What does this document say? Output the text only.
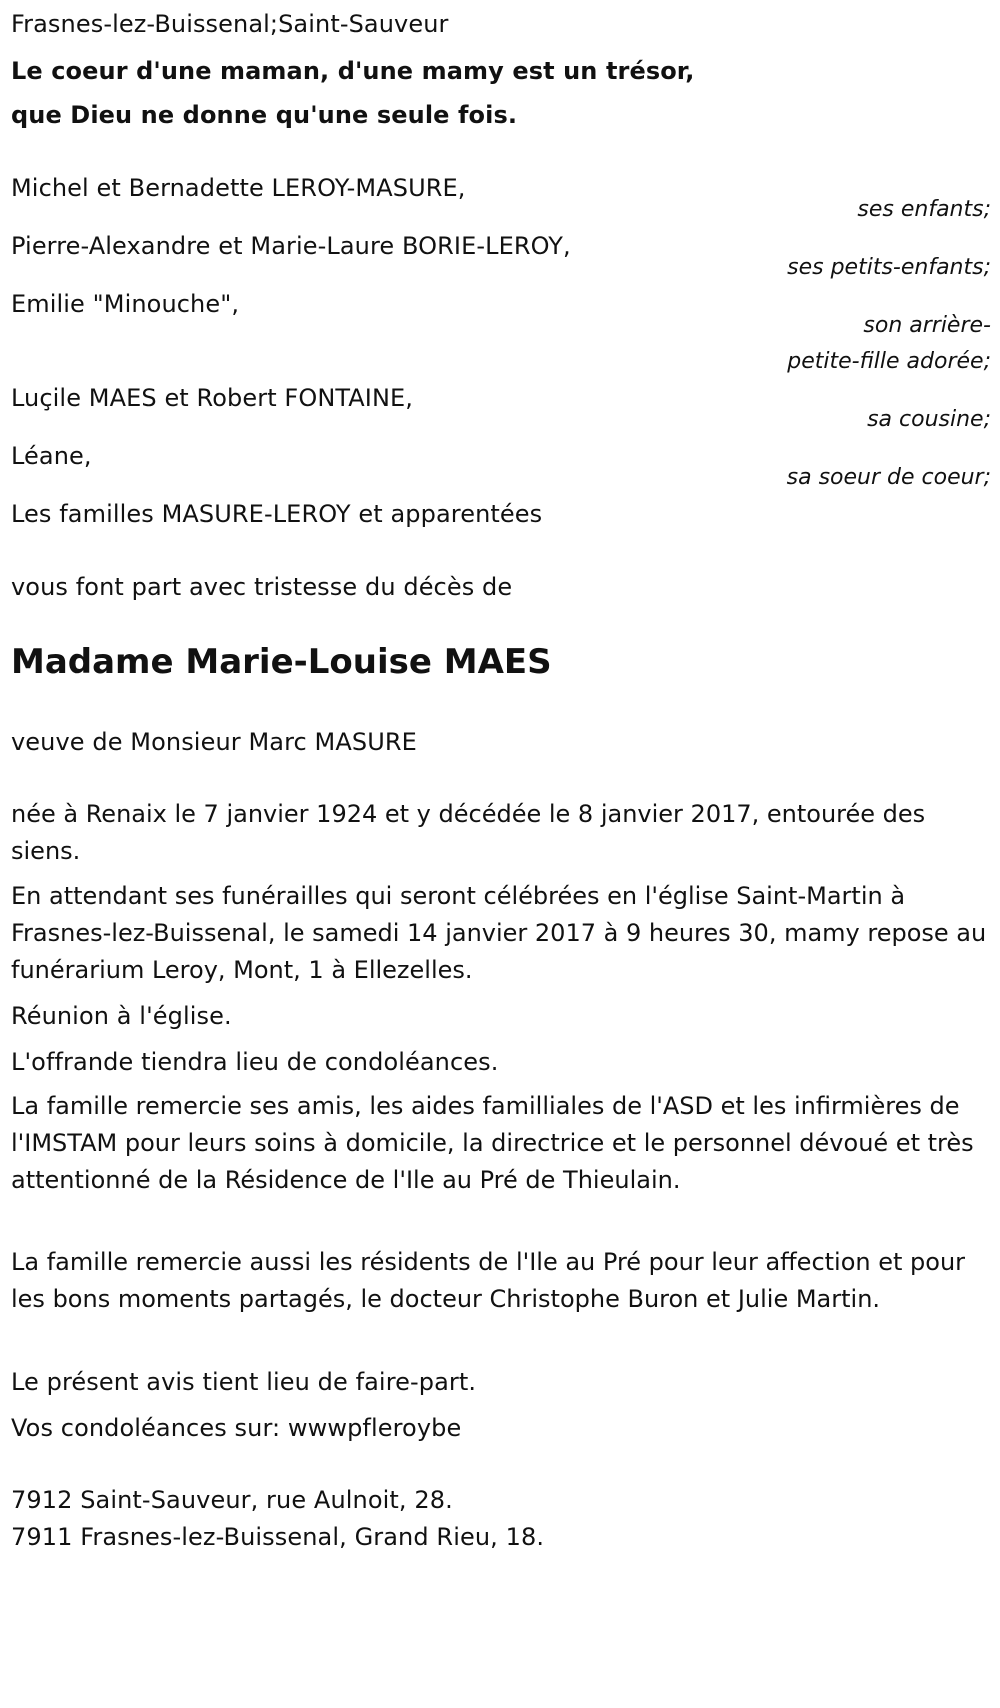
Frasnes-lez-Buissenal;Saint-Sauveur
Le coeur d'une maman, d'une mamy est un trésor,
que Dieu ne donne qu'une seule fois.
Michel et Bernadette LEROY-MASURE,
ses enfants;
Pierre-Alexandre et Marie-Laure BORIE-LEROY,
ses petits-enfants;
Emilie "Minouche",
son arrière-
petite-fille adorée;
Luçile MAES et Robert FONTAINE,
sa cousine;
Léane,
sa soeur de coeur;
Les familles MASURE-LEROY et apparentées
vous font part avec tristesse du décès de
Madame Marie-Louise MAES
veuve de Monsieur Marc MASURE
née à Renaix le 7 janvier 1924 et y décédée le 8 janvier 2017, entourée des siens.
En attendant ses funérailles qui seront célébrées en l'église Saint-Martin à Frasnes-lez-Buissenal, le samedi 14 janvier 2017 à 9 heures 30, mamy repose au funérarium Leroy, Mont, 1 à Ellezelles.
Réunion à l'église.
L'offrande tiendra lieu de condoléances.
La famille remercie ses amis, les aides familliales de l'ASD et les infirmières de l'IMSTAM pour leurs soins à domicile, la directrice et le personnel dévoué et très attentionné de la Résidence de l'Ile au Pré de Thieulain.
La famille remercie aussi les résidents de l'Ile au Pré pour leur affection et pour les bons moments partagés, le docteur Christophe Buron et Julie Martin.
Le présent avis tient lieu de faire-part.
Vos condoléances sur: wwwpfleroybe
7912 Saint-Sauveur, rue Aulnoit, 28.
7911 Frasnes-lez-Buissenal, Grand Rieu, 18.
